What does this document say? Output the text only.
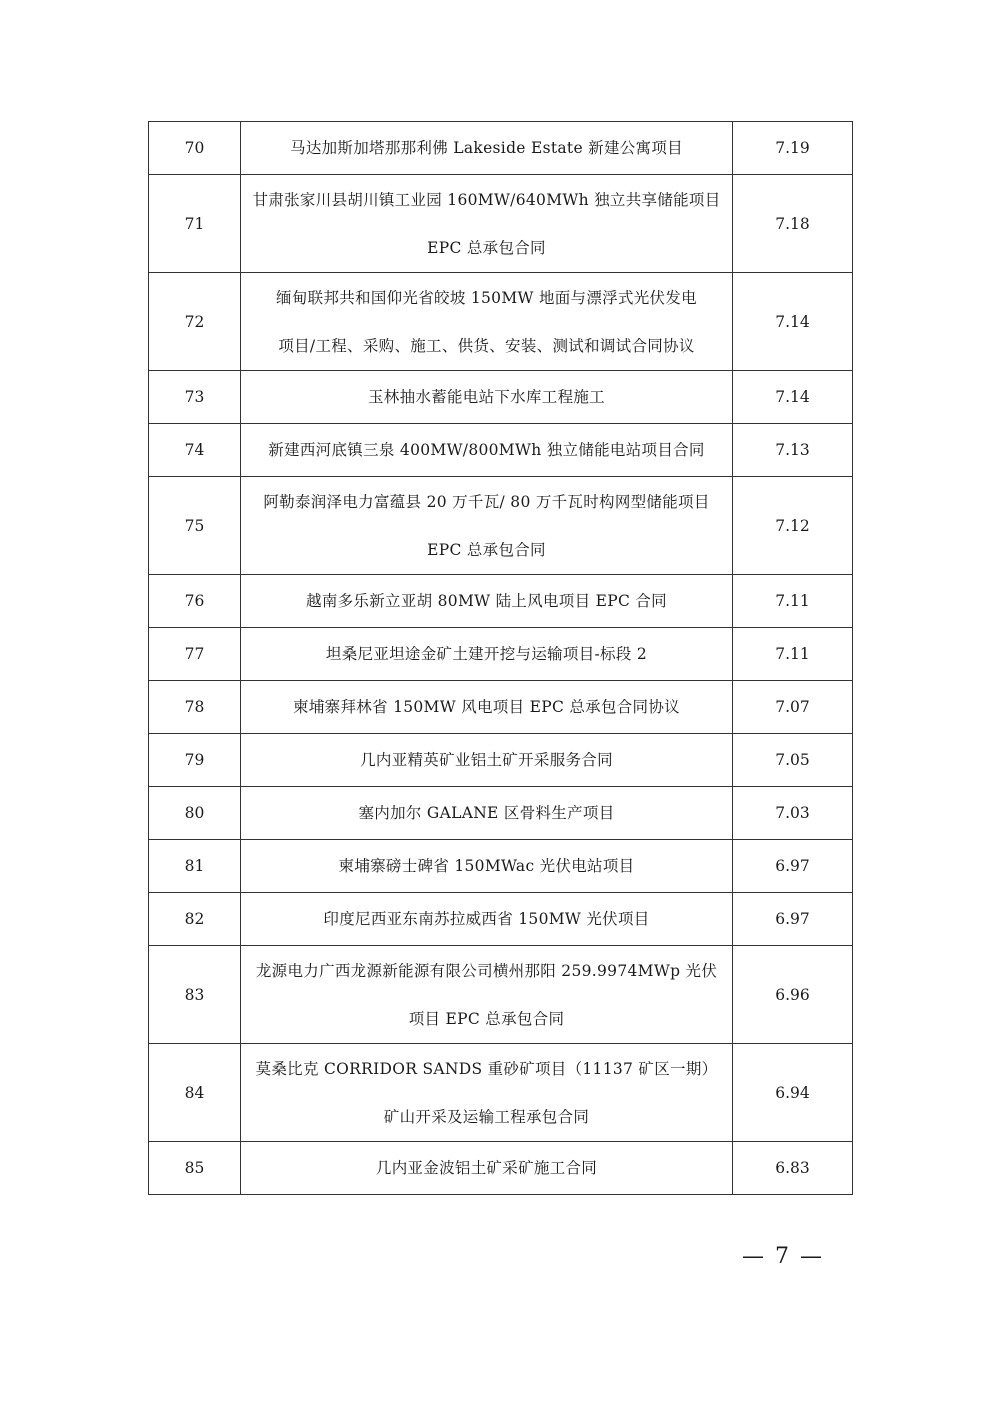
70	马达加斯加塔那那利佛 Lakeside Estate 新建公寓项目	7.19
71	甘肃张家川县胡川镇工业园 160MW/640MWh 独立共享储能项目
EPC 总承包合同	7.18
72	缅甸联邦共和国仰光省皎坡 150MW 地面与漂浮式光伏发电
项目/工程、采购、施工、供货、安装、测试和调试合同协议	7.14
73	玉林抽水蓄能电站下水库工程施工	7.14
74	新建西河底镇三泉 400MW/800MWh 独立储能电站项目合同	7.13
75	阿勒泰润泽电力富蕴县 20 万千瓦/ 80 万千瓦时构网型储能项目
EPC 总承包合同	7.12
76	越南多乐新立亚胡 80MW 陆上风电项目 EPC 合同	7.11
77	坦桑尼亚坦途金矿土建开挖与运输项目-标段 2	7.11
78	柬埔寨拜林省 150MW 风电项目 EPC 总承包合同协议	7.07
79	几内亚精英矿业铝土矿开采服务合同	7.05
80	塞内加尔 GALANE 区骨料生产项目	7.03
81	柬埔寨磅士碑省 150MWac 光伏电站项目	6.97
82	印度尼西亚东南苏拉威西省 150MW 光伏项目	6.97
83	龙源电力广西龙源新能源有限公司横州那阳 259.9974MWp 光伏
项目 EPC 总承包合同	6.96
84	莫桑比克 CORRIDOR SANDS 重砂矿项目（11137 矿区一期）
矿山开采及运输工程承包合同	6.94
85	几内亚金波铝土矿采矿施工合同	6.83
— 7 —
